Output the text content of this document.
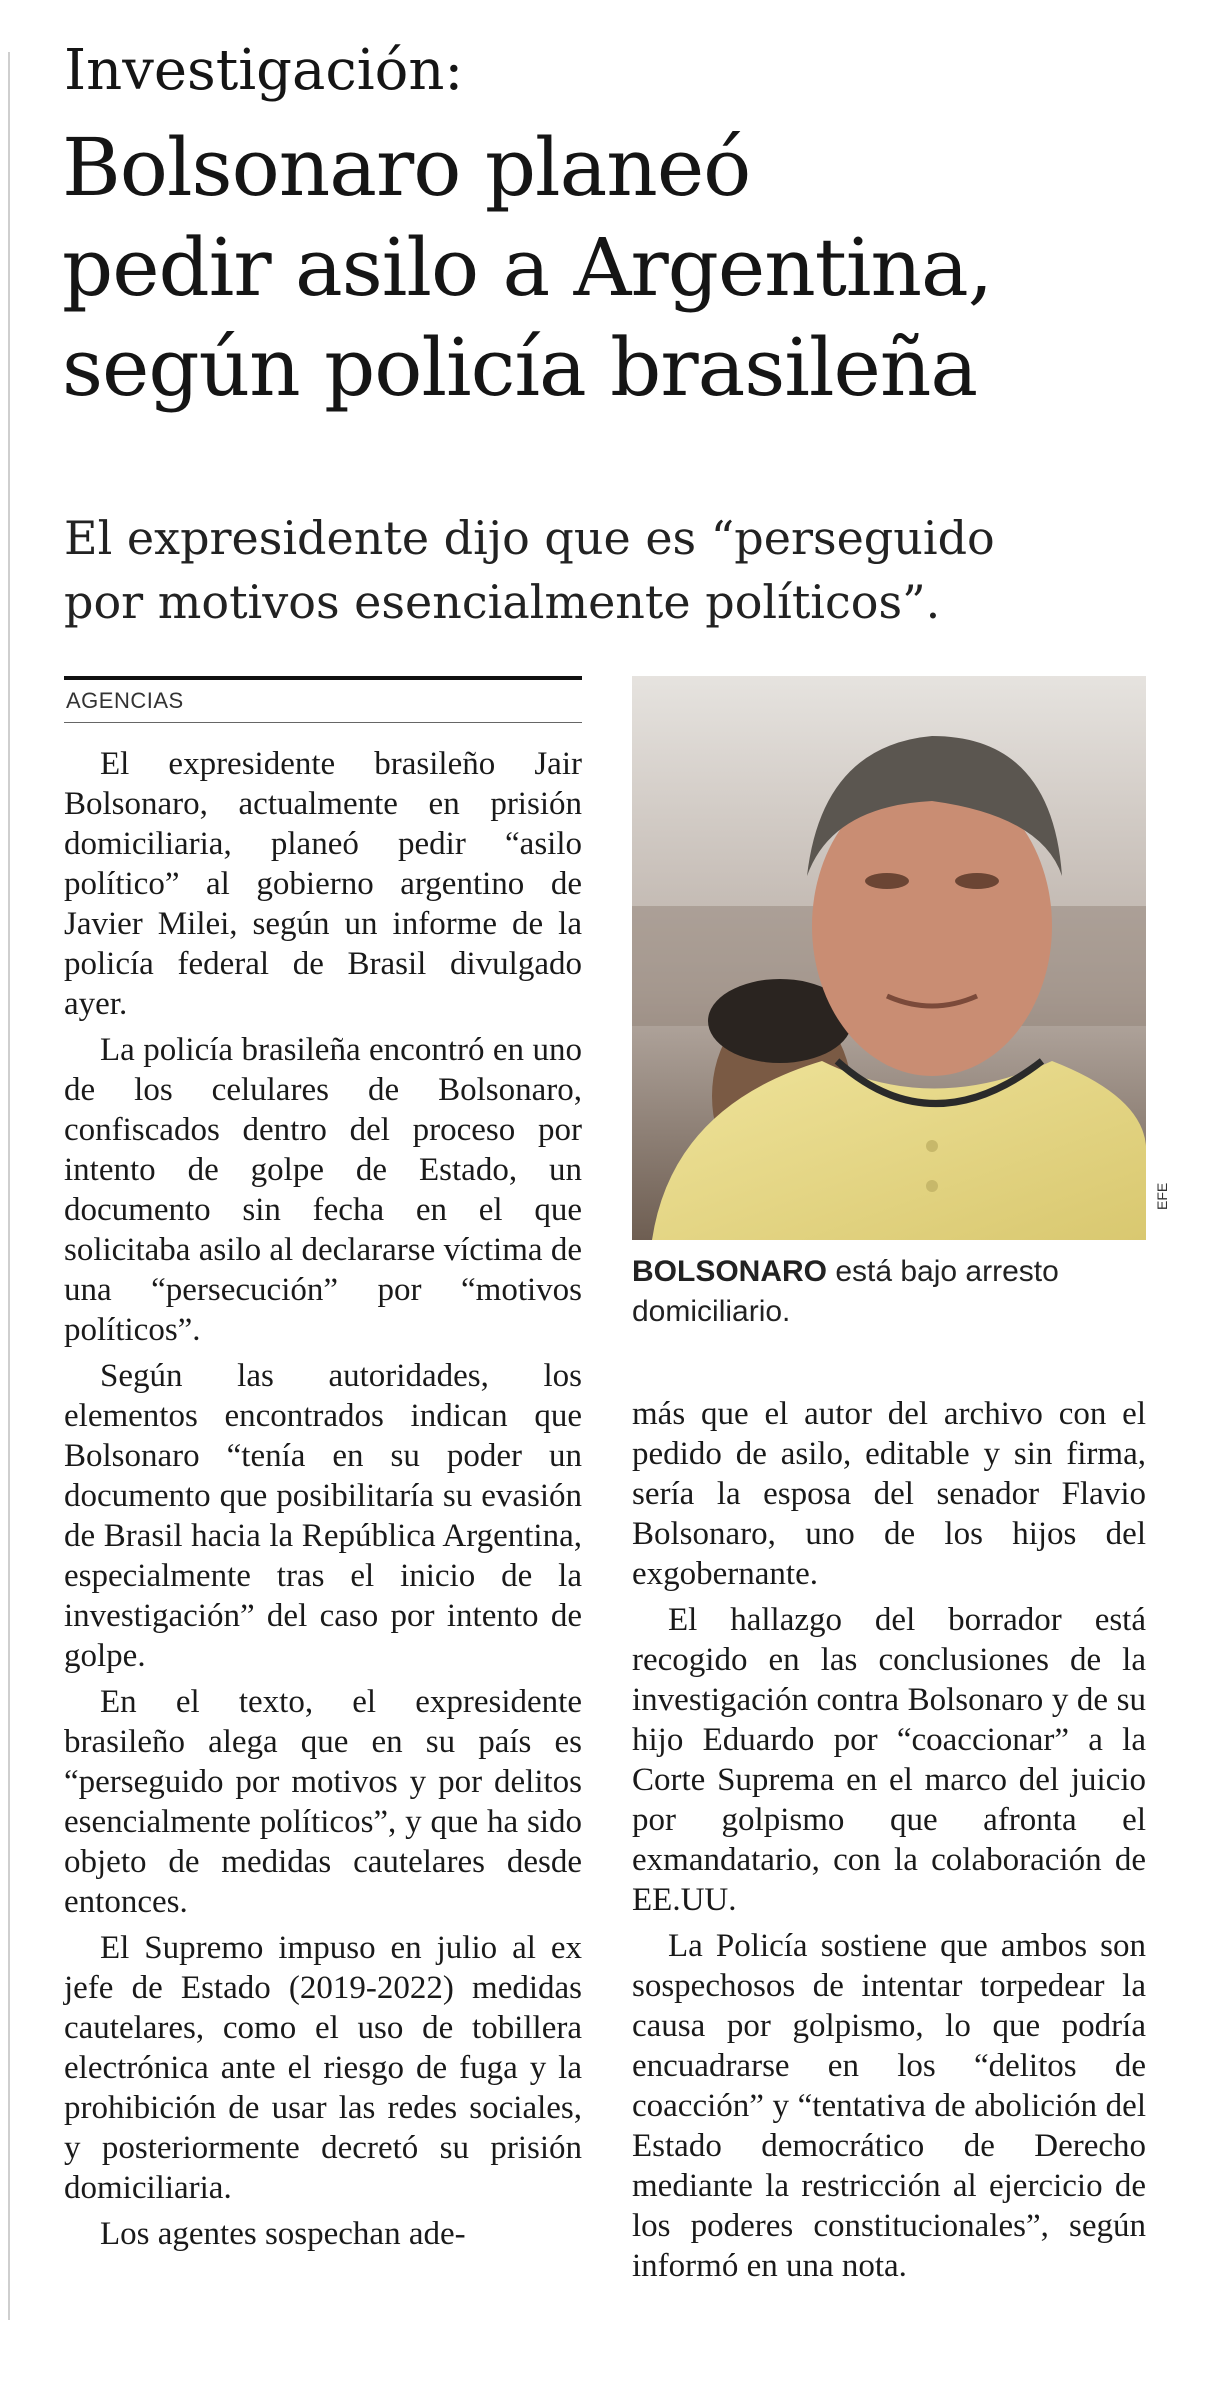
Investigación:
Bolsonaro planeó
pedir asilo a Argentina,
según policía brasileña
El expresidente dijo que es “perseguido
por motivos esencialmente políticos”.
AGENCIAS

El expresidente brasileño Jair Bolsonaro, actualmente en prisión domiciliaria, planeó pedir “asilo político” al gobierno argentino de Javier Milei, según un informe de la policía federal de Brasil divulgado ayer.

La policía brasileña encontró en uno de los celulares de Bolsonaro, confiscados dentro del proceso por intento de golpe de Estado, un documento sin fecha en el que solicitaba asilo al declararse víctima de una “persecución” por “motivos políticos”.

Según las autoridades, los elementos encontrados indican que Bolsonaro “tenía en su poder un documento que posibilitaría su evasión de Brasil hacia la República Argentina, especialmente tras el inicio de la investigación” del caso por intento de golpe.

En el texto, el expresidente brasileño alega que en su país es “perseguido por motivos y por delitos esencialmente políticos”, y que ha sido objeto de medidas cautelares desde entonces.

El Supremo impuso en julio al ex jefe de Estado (2019-2022) medidas cautelares, como el uso de tobillera electrónica ante el riesgo de fuga y la prohibición de usar las redes sociales, y posteriormente decretó su prisión domiciliaria.

Los agentes sospechan ade-

EFE
BOLSONARO está bajo arresto domiciliario.

más que el autor del archivo con el pedido de asilo, editable y sin firma, sería la esposa del senador Flavio Bolsonaro, uno de los hijos del exgobernante.

El hallazgo del borrador está recogido en las conclusiones de la investigación contra Bolsonaro y de su hijo Eduardo por “coaccionar” a la Corte Suprema en el marco del juicio por golpismo que afronta el exmandatario, con la colaboración de EE.UU.

La Policía sostiene que ambos son sospechosos de intentar torpedear la causa por golpismo, lo que podría encuadrarse en los “delitos de coacción” y “tentativa de abolición del Estado democrático de Derecho mediante la restricción al ejercicio de los poderes constitucionales”, según informó en una nota.
